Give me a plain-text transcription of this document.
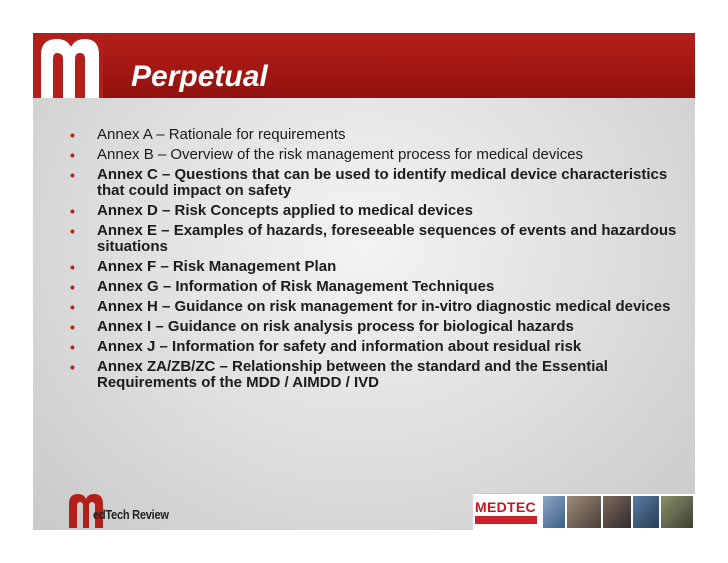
Perpetual
• Annex A – Rationale for requirements
• Annex B – Overview of the risk management process for medical devices
• Annex C – Questions that can be used to identify medical device characteristics that could impact on safety
• Annex D – Risk Concepts applied to medical devices
• Annex E – Examples of hazards, foreseeable sequences of events and hazardous situations
• Annex F – Risk Management Plan
• Annex G – Information of Risk Management Techniques
• Annex H – Guidance on risk management for in-vitro diagnostic medical devices
• Annex I – Guidance on risk analysis process for biological hazards
• Annex J – Information for safety and information about residual risk
• Annex ZA/ZB/ZC – Relationship between the standard and the Essential Requirements of the MDD / AIMDD / IVD
edTech Review	MEDTEC
